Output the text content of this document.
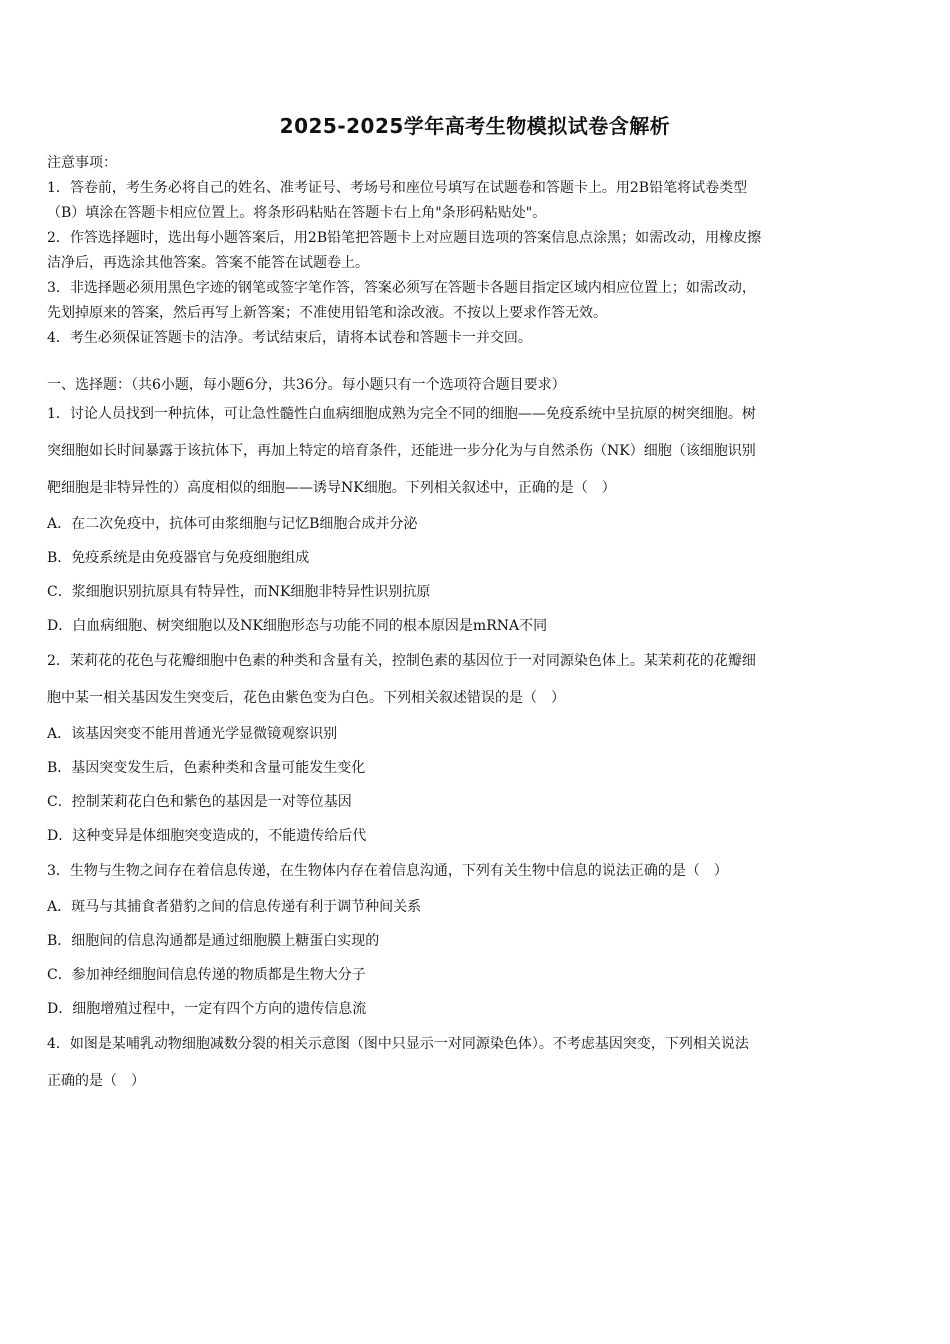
2025-2025学年高考生物模拟试卷含解析

注意事项：

1．答卷前，考生务必将自己的姓名、准考证号、考场号和座位号填写在试题卷和答题卡上。用2B铅笔将试卷类型

（B）填涂在答题卡相应位置上。将条形码粘贴在答题卡右上角"条形码粘贴处"。

2．作答选择题时，选出每小题答案后，用2B铅笔把答题卡上对应题目选项的答案信息点涂黑；如需改动，用橡皮擦

洁净后，再选涂其他答案。答案不能答在试题卷上。

3．非选择题必须用黑色字迹的钢笔或签字笔作答，答案必须写在答题卡各题目指定区域内相应位置上；如需改动，

先划掉原来的答案，然后再写上新答案；不准使用铅笔和涂改液。不按以上要求作答无效。

4．考生必须保证答题卡的洁净。考试结束后，请将本试卷和答题卡一并交回。

一、选择题：（共6小题，每小题6分，共36分。每小题只有一个选项符合题目要求）

1．讨论人员找到一种抗体，可让急性髓性白血病细胞成熟为完全不同的细胞——免疫系统中呈抗原的树突细胞。树

突细胞如长时间暴露于该抗体下，再加上特定的培育条件，还能进一步分化为与自然杀伤（NK）细胞（该细胞识别

靶细胞是非特异性的）高度相似的细胞——诱导NK细胞。下列相关叙述中，正确的是（　）

A．在二次免疫中，抗体可由浆细胞与记忆B细胞合成并分泌

B．免疫系统是由免疫器官与免疫细胞组成

C．浆细胞识别抗原具有特异性，而NK细胞非特异性识别抗原

D．白血病细胞、树突细胞以及NK细胞形态与功能不同的根本原因是mRNA不同

2．茉莉花的花色与花瓣细胞中色素的种类和含量有关，控制色素的基因位于一对同源染色体上。某茉莉花的花瓣细

胞中某一相关基因发生突变后，花色由紫色变为白色。下列相关叙述错误的是（　）

A．该基因突变不能用普通光学显微镜观察识别

B．基因突变发生后，色素种类和含量可能发生变化

C．控制茉莉花白色和紫色的基因是一对等位基因

D．这种变异是体细胞突变造成的，不能遗传给后代

3．生物与生物之间存在着信息传递，在生物体内存在着信息沟通，下列有关生物中信息的说法正确的是（　）

A．斑马与其捕食者猎豹之间的信息传递有利于调节种间关系

B．细胞间的信息沟通都是通过细胞膜上糖蛋白实现的

C．参加神经细胞间信息传递的物质都是生物大分子

D．细胞增殖过程中，一定有四个方向的遗传信息流

4．如图是某哺乳动物细胞减数分裂的相关示意图（图中只显示一对同源染色体）。不考虑基因突变，下列相关说法

正确的是（　）
